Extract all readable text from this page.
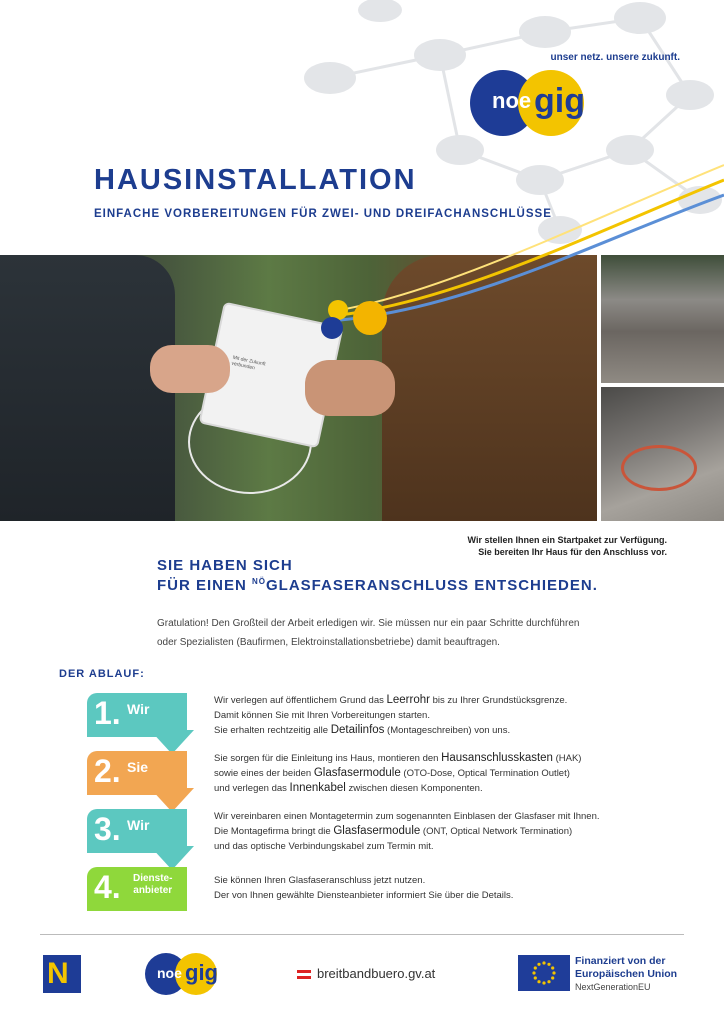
unser netz. unsere zukunft.
noe gig
HAUSINSTALLATION
EINFACHE VORBEREITUNGEN FÜR ZWEI- UND DREIFACHANSCHLÜSSE
Mit der Zukunft verbunden
Wir stellen Ihnen ein Startpaket zur Verfügung.
Sie bereiten Ihr Haus für den Anschluss vor.
SIE HABEN SICH
FÜR EINEN $^{NÖ}$GLASFASERANSCHLUSS ENTSCHIEDEN.
Gratulation! Den Großteil der Arbeit erledigen wir. Sie müssen nur ein paar Schritte durchführen
oder Spezialisten (Baufirmen, Elektroinstallationsbetriebe) damit beauftragen.
DER ABLAUF:
1. Wir
Wir verlegen auf öffentlichem Grund das Leerrohr bis zu Ihrer Grundstücksgrenze.
Damit können Sie mit Ihren Vorbereitungen starten.
Sie erhalten rechtzeitig alle Detailinfos (Montageschreiben) von uns.
2. Sie
Sie sorgen für die Einleitung ins Haus, montieren den Hausanschlusskasten (HAK)
sowie eines der beiden Glasfasermodule (OTO-Dose, Optical Termination Outlet)
und verlegen das Innenkabel zwischen diesen Komponenten.
3. Wir
Wir vereinbaren einen Montagetermin zum sogenannten Einblasen der Glasfaser mit Ihnen.
Die Montagefirma bringt die Glasfasermodule (ONT, Optical Network Termination)
und das optische Verbindungskabel zum Termin mit.
4. Dienste-
anbieter
Sie können Ihren Glasfaseranschluss jetzt nutzen.
Der von Ihnen gewählte Diensteanbieter informiert Sie über die Details.
N	noe gig	breitbandbuero.gv.at
Finanziert von der
Europäischen Union
NextGenerationEU
